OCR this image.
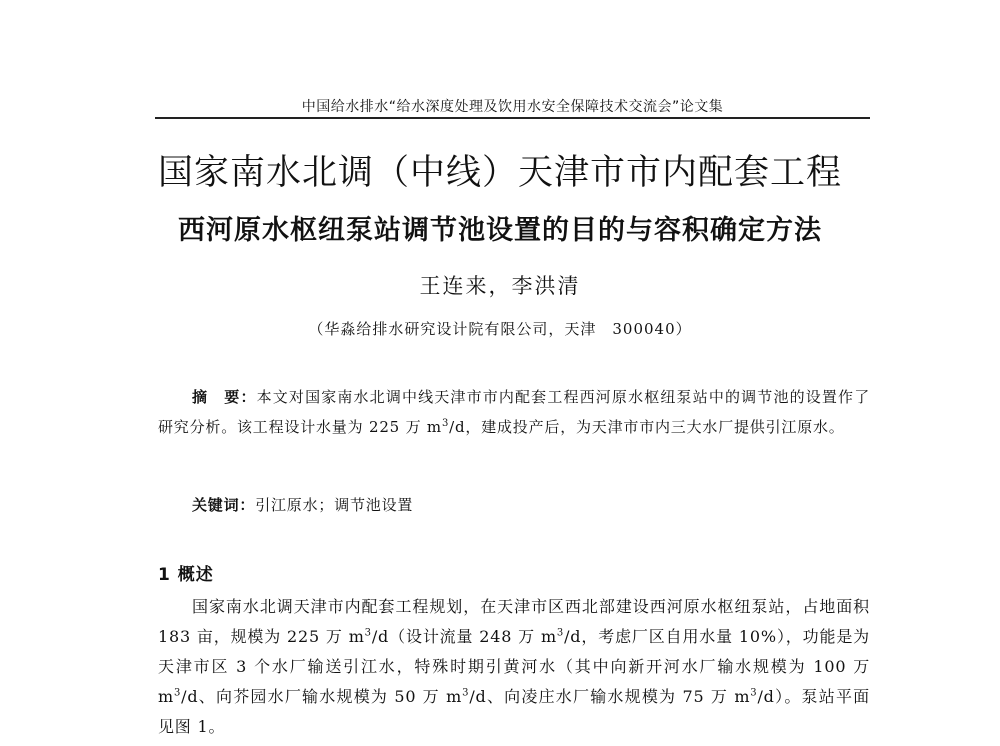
中国给水排水“给水深度处理及饮用水安全保障技术交流会”论文集
国家南水北调（中线）天津市市内配套工程
西河原水枢纽泵站调节池设置的目的与容积确定方法
王连来，李洪清
（华淼给排水研究设计院有限公司，天津　300040）
摘　要：本文对国家南水北调中线天津市市内配套工程西河原水枢纽泵站中的调节池的设置作了研究分析。该工程设计水量为 225 万 $m^3/d$，建成投产后，为天津市市内三大水厂提供引江原水。
关键词：引江原水；调节池设置
1 概述
国家南水北调天津市内配套工程规划，在天津市区西北部建设西河原水枢纽泵站，占地面积 183 亩，规模为 225 万 $m^3/d$（设计流量 248 万 $m^3/d$，考虑厂区自用水量 10%），功能是为天津市区 3 个水厂输送引江水，特殊时期引黄河水（其中向新开河水厂输水规模为 100 万 $m^3/d$、向芥园水厂输水规模为 50 万 $m^3/d$、向凌庄水厂输水规模为 75 万 $m^3/d$）。泵站平面见图 1。
